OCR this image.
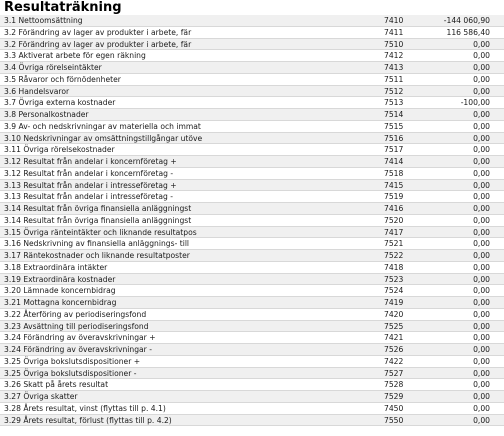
Resultaträkning
3.1 Nettoomsättning	7410	-144 060,90
3.2 Förändring av lager av produkter i arbete, fär	7411	116 586,40
3.2 Förändring av lager av produkter i arbete, fär	7510	0,00
3.3 Aktiverat arbete för egen räkning	7412	0,00
3.4 Övriga rörelseintäkter	7413	0,00
3.5 Råvaror och förnödenheter	7511	0,00
3.6 Handelsvaror	7512	0,00
3.7 Övriga externa kostnader	7513	-100,00
3.8 Personalkostnader	7514	0,00
3.9 Av- och nedskrivningar av materiella och immat	7515	0,00
3.10 Nedskrivningar av omsättningstillgångar utöve	7516	0,00
3.11 Övriga rörelsekostnader	7517	0,00
3.12 Resultat från andelar i koncernföretag +	7414	0,00
3.12 Resultat från andelar i koncernföretag -	7518	0,00
3.13 Resultat från andelar i intresseföretag +	7415	0,00
3.13 Resultat från andelar i intresseföretag -	7519	0,00
3.14 Resultat från övriga finansiella anläggningst	7416	0,00
3.14 Resultat från övriga finansiella anläggningst	7520	0,00
3.15 Övriga ränteintäkter och liknande resultatpos	7417	0,00
3.16 Nedskrivning av finansiella anläggnings- till	7521	0,00
3.17 Räntekostnader och liknande resultatposter	7522	0,00
3.18 Extraordinära intäkter	7418	0,00
3.19 Extraordinära kostnader	7523	0,00
3.20 Lämnade koncernbidrag	7524	0,00
3.21 Mottagna koncernbidrag	7419	0,00
3.22 Återföring av periodiseringsfond	7420	0,00
3.23 Avsättning till periodiseringsfond	7525	0,00
3.24 Förändring av överavskrivningar +	7421	0,00
3.24 Förändring av överavskrivningar -	7526	0,00
3.25 Övriga bokslutsdispositioner +	7422	0,00
3.25 Övriga bokslutsdispositioner -	7527	0,00
3.26 Skatt på årets resultat	7528	0,00
3.27 Övriga skatter	7529	0,00
3.28 Årets resultat, vinst (flyttas till p. 4.1)	7450	0,00
3.29 Årets resultat, förlust (flyttas till p. 4.2)	7550	0,00
